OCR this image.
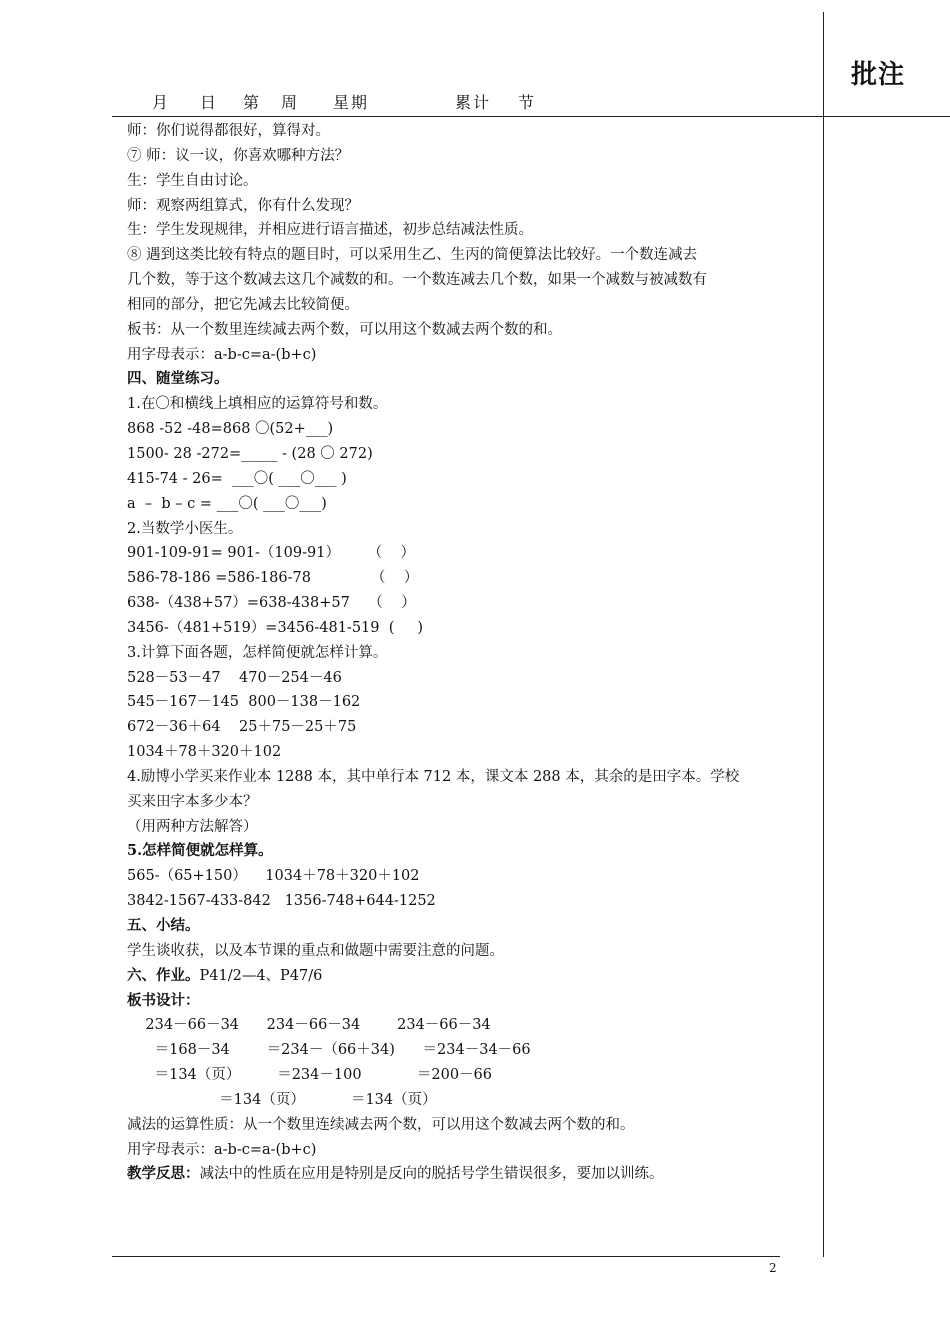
批注
月 日 第 周 星期	累计 节
师：你们说得都很好，算得对。
⑦ 师：议一议，你喜欢哪种方法？
生：学生自由讨论。
师：观察两组算式，你有什么发现？
生：学生发现规律，并相应进行语言描述，初步总结减法性质。
⑧ 遇到这类比较有特点的题目时，可以采用生乙、生丙的简便算法比较好。一个数连减去
几个数，等于这个数减去这几个减数的和。一个数连减去几个数，如果一个减数与被减数有
相同的部分，把它先减去比较简便。
板书：从一个数里连续减去两个数，可以用这个数减去两个数的和。
用字母表示：a-b-c=a-(b+c)
四、随堂练习。
1.在〇和横线上填相应的运算符号和数。
868 -52 -48=868 〇(52+___)
1500- 28 -272=_____ - (28 〇 272)
415-74 - 26=  ___〇( ___〇___ )
a  –  b – c = ___〇( ___〇___)
2.当数学小医生。
901-109-91= 901-（109-91）      （    ）
586-78-186 =586-186-78             （    ）
638-（438+57）=638-438+57    （    ）
3456-（481+519）=3456-481-519  (     )
3.计算下面各题，怎样简便就怎样计算。
528－53－47    470－254－46
545－167－145  800－138－162
672－36＋64    25＋75－25＋75
1034＋78＋320＋102
4.励博小学买来作业本 1288 本，其中单行本 712 本，课文本 288 本，其余的是田字本。学校
买来田字本多少本？
（用两种方法解答）
5.怎样简便就怎样算。
565-（65+150）    1034＋78＋320＋102
3842-1567-433-842   1356-748+644-1252
五、小结。
学生谈收获，以及本节课的重点和做题中需要注意的问题。
六、作业。P41/2—4、P47/6
板书设计：
234－66－34      234－66－34        234－66－34
＝168－34        ＝234－（66＋34)      ＝234－34－66
＝134（页）        ＝234－100            ＝200－66
＝134（页）          ＝134（页）
减法的运算性质：从一个数里连续减去两个数，可以用这个数减去两个数的和。
用字母表示：a-b-c=a-(b+c)
教学反思：减法中的性质在应用是特别是反向的脱括号学生错误很多，要加以训练。
2
